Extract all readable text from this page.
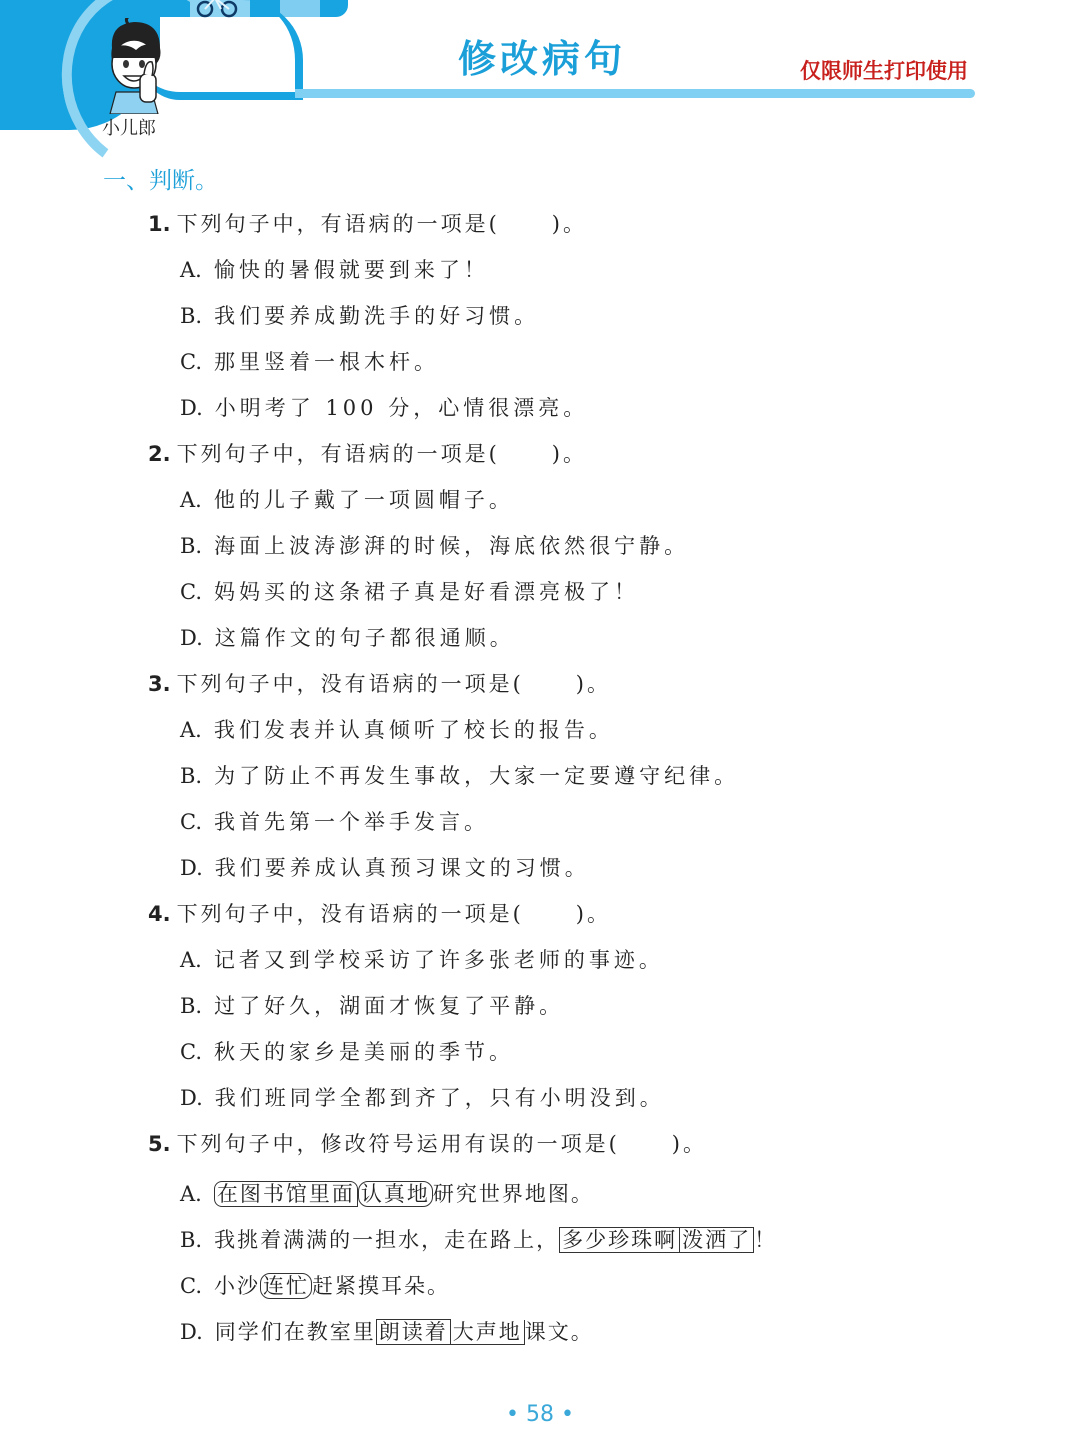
小儿郎
修改病句	仅限师生打印使用
一、判断。
1. 下列句子中，有语病的一项是( )。
A. 愉快的暑假就要到来了！
B. 我们要养成勤洗手的好习惯。
C. 那里竖着一根木杆。
D. 小明考了 100 分，心情很漂亮。
2. 下列句子中，有语病的一项是( )。
A. 他的儿子戴了一项圆帽子。
B. 海面上波涛澎湃的时候，海底依然很宁静。
C. 妈妈买的这条裙子真是好看漂亮极了！
D. 这篇作文的句子都很通顺。
3. 下列句子中，没有语病的一项是( )。
A. 我们发表并认真倾听了校长的报告。
B. 为了防止不再发生事故，大家一定要遵守纪律。
C. 我首先第一个举手发言。
D. 我们要养成认真预习课文的习惯。
4. 下列句子中，没有语病的一项是( )。
A. 记者又到学校采访了许多张老师的事迹。
B. 过了好久，湖面才恢复了平静。
C. 秋天的家乡是美丽的季节。
D. 我们班同学全都到齐了，只有小明没到。
5. 下列句子中，修改符号运用有误的一项是( )。
A. 在图书馆里面 认真地 研究世界地图。
B. 我挑着满满的一担水，走在路上， 多少珍珠啊 泼洒了 ！
C. 小沙 连忙 赶紧摸耳朵。
D. 同学们在教室里 朗读着 大声地 课文。
• 58 •
